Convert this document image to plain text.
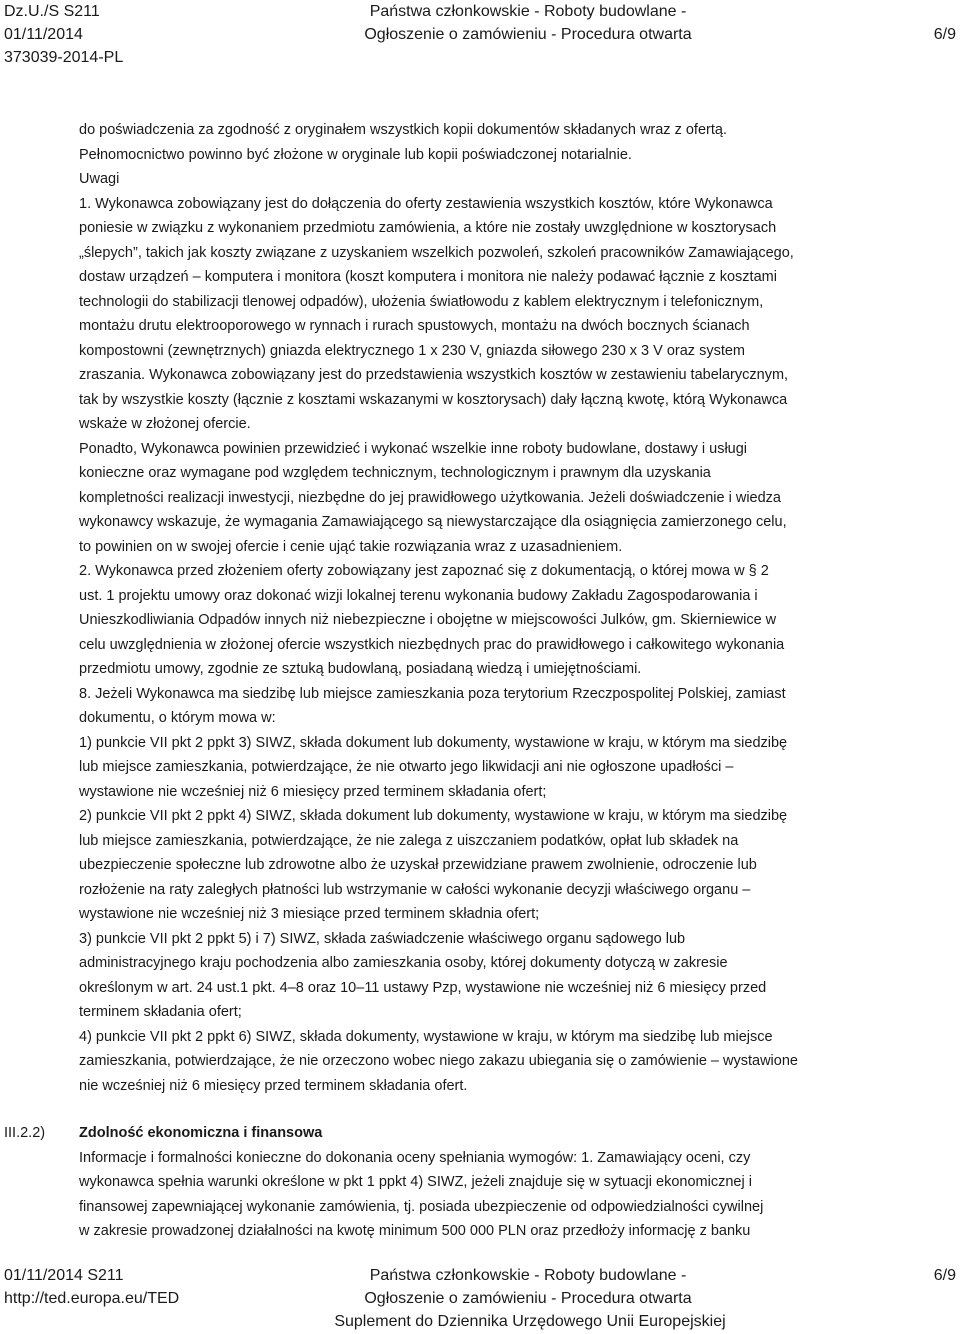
Dz.U./S S211
01/11/2014
373039-2014-PL
Państwa członkowskie - Roboty budowlane -
Ogłoszenie o zamówieniu - Procedura otwarta	6/9
do poświadczenia za zgodność z oryginałem wszystkich kopii dokumentów składanych wraz z ofertą.
Pełnomocnictwo powinno być złożone w oryginale lub kopii poświadczonej notarialnie.
Uwagi
1. Wykonawca zobowiązany jest do dołączenia do oferty zestawienia wszystkich kosztów, które Wykonawca
poniesie w związku z wykonaniem przedmiotu zamówienia, a które nie zostały uwzględnione w kosztorysach
„ślepych”, takich jak koszty związane z uzyskaniem wszelkich pozwoleń, szkoleń pracowników Zamawiającego,
dostaw urządzeń – komputera i monitora (koszt komputera i monitora nie należy podawać łącznie z kosztami
technologii do stabilizacji tlenowej odpadów), ułożenia światłowodu z kablem elektrycznym i telefonicznym,
montażu drutu elektrooporowego w rynnach i rurach spustowych, montażu na dwóch bocznych ścianach
kompostowni (zewnętrznych) gniazda elektrycznego 1 x 230 V, gniazda siłowego 230 x 3 V oraz system
zraszania. Wykonawca zobowiązany jest do przedstawienia wszystkich kosztów w zestawieniu tabelarycznym,
tak by wszystkie koszty (łącznie z kosztami wskazanymi w kosztorysach) dały łączną kwotę, którą Wykonawca
wskaże w złożonej ofercie.
Ponadto, Wykonawca powinien przewidzieć i wykonać wszelkie inne roboty budowlane, dostawy i usługi
konieczne oraz wymagane pod względem technicznym, technologicznym i prawnym dla uzyskania
kompletności realizacji inwestycji, niezbędne do jej prawidłowego użytkowania. Jeżeli doświadczenie i wiedza
wykonawcy wskazuje, że wymagania Zamawiającego są niewystarczające dla osiągnięcia zamierzonego celu,
to powinien on w swojej ofercie i cenie ująć takie rozwiązania wraz z uzasadnieniem.
2. Wykonawca przed złożeniem oferty zobowiązany jest zapoznać się z dokumentacją, o której mowa w § 2
ust. 1 projektu umowy oraz dokonać wizji lokalnej terenu wykonania budowy Zakładu Zagospodarowania i
Unieszkodliwiania Odpadów innych niż niebezpieczne i obojętne w miejscowości Julków, gm. Skierniewice w
celu uwzględnienia w złożonej ofercie wszystkich niezbędnych prac do prawidłowego i całkowitego wykonania
przedmiotu umowy, zgodnie ze sztuką budowlaną, posiadaną wiedzą i umiejętnościami.
8. Jeżeli Wykonawca ma siedzibę lub miejsce zamieszkania poza terytorium Rzeczpospolitej Polskiej, zamiast
dokumentu, o którym mowa w:
1) punkcie VII pkt 2 ppkt 3) SIWZ, składa dokument lub dokumenty, wystawione w kraju, w którym ma siedzibę
lub miejsce zamieszkania, potwierdzające, że nie otwarto jego likwidacji ani nie ogłoszone upadłości –
wystawione nie wcześniej niż 6 miesięcy przed terminem składania ofert;
2) punkcie VII pkt 2 ppkt 4) SIWZ, składa dokument lub dokumenty, wystawione w kraju, w którym ma siedzibę
lub miejsce zamieszkania, potwierdzające, że nie zalega z uiszczaniem podatków, opłat lub składek na
ubezpieczenie społeczne lub zdrowotne albo że uzyskał przewidziane prawem zwolnienie, odroczenie lub
rozłożenie na raty zaległych płatności lub wstrzymanie w całości wykonanie decyzji właściwego organu –
wystawione nie wcześniej niż 3 miesiące przed terminem składnia ofert;
3) punkcie VII pkt 2 ppkt 5) i 7) SIWZ, składa zaświadczenie właściwego organu sądowego lub
administracyjnego kraju pochodzenia albo zamieszkania osoby, której dokumenty dotyczą w zakresie
określonym w art. 24 ust.1 pkt. 4–8 oraz 10–11 ustawy Pzp, wystawione nie wcześniej niż 6 miesięcy przed
terminem składania ofert;
4) punkcie VII pkt 2 ppkt 6) SIWZ, składa dokumenty, wystawione w kraju, w którym ma siedzibę lub miejsce
zamieszkania, potwierdzające, że nie orzeczono wobec niego zakazu ubiegania się o zamówienie – wystawione
nie wcześniej niż 6 miesięcy przed terminem składania ofert.
III.2.2) Zdolność ekonomiczna i finansowa
Informacje i formalności konieczne do dokonania oceny spełniania wymogów: 1. Zamawiający oceni, czy
wykonawca spełnia warunki określone w pkt 1 ppkt 4) SIWZ, jeżeli znajduje się w sytuacji ekonomicznej i
finansowej zapewniającej wykonanie zamówienia, tj. posiada ubezpieczenie od odpowiedzialności cywilnej
w zakresie prowadzonej działalności na kwotę minimum 500 000 PLN oraz przedłoży informację z banku
01/11/2014 S211
http://ted.europa.eu/TED
Państwa członkowskie - Roboty budowlane -
Ogłoszenie o zamówieniu - Procedura otwarta
6/9
Suplement do Dziennika Urzędowego Unii Europejskiej
